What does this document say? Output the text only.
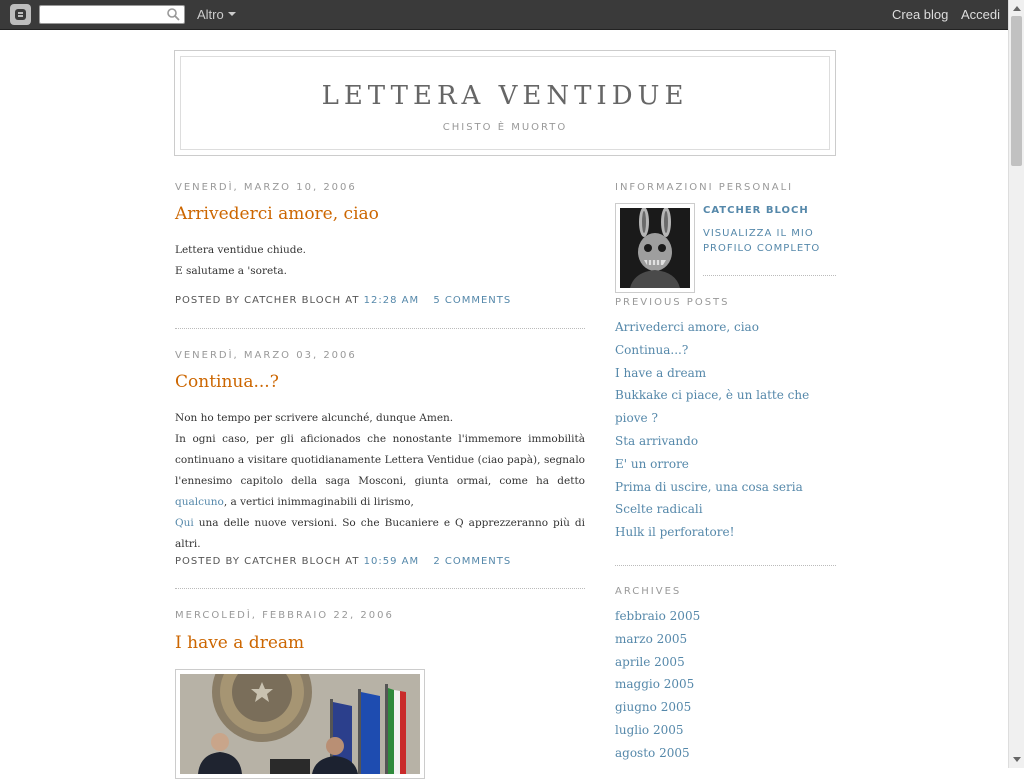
Altro	Crea blog Accedi
LETTERA VENTIDUE
CHISTO È MUORTO
VENERDÌ, MARZO 10, 2006
Arrivederci amore, ciao

Lettera ventidue chiude.

E salutame a 'soreta.

POSTED BY CATCHER BLOCH AT 12:28 AM 5 COMMENTS
VENERDÌ, MARZO 03, 2006
Continua...?

Non ho tempo per scrivere alcunché, dunque Amen.

In ogni caso, per gli aficionados che nonostante l'immemore immobilità continuano a visitare quotidianamente Lettera Ventidue (ciao papà), segnalo l'ennesimo capitolo della saga Mosconi, giunta ormai, come ha detto qualcuno, a vertici inimmaginabili di lirismo,

Qui una delle nuove versioni. So che Bucaniere e Q apprezzeranno più di altri.

POSTED BY CATCHER BLOCH AT 10:59 AM 2 COMMENTS
MERCOLEDÌ, FEBBRAIO 22, 2006
I have a dream
INFORMAZIONI PERSONALI
CATCHER BLOCH
VISUALIZZA IL MIO PROFILO COMPLETO
PREVIOUS POSTS
Arrivederci amore, ciao
Continua...?
I have a dream
Bukkake ci piace, è un latte che piove ?
Sta arrivando
E' un orrore
Prima di uscire, una cosa seria
Scelte radicali
Hulk il perforatore!
ARCHIVES
febbraio 2005
marzo 2005
aprile 2005
maggio 2005
giugno 2005
luglio 2005
agosto 2005
